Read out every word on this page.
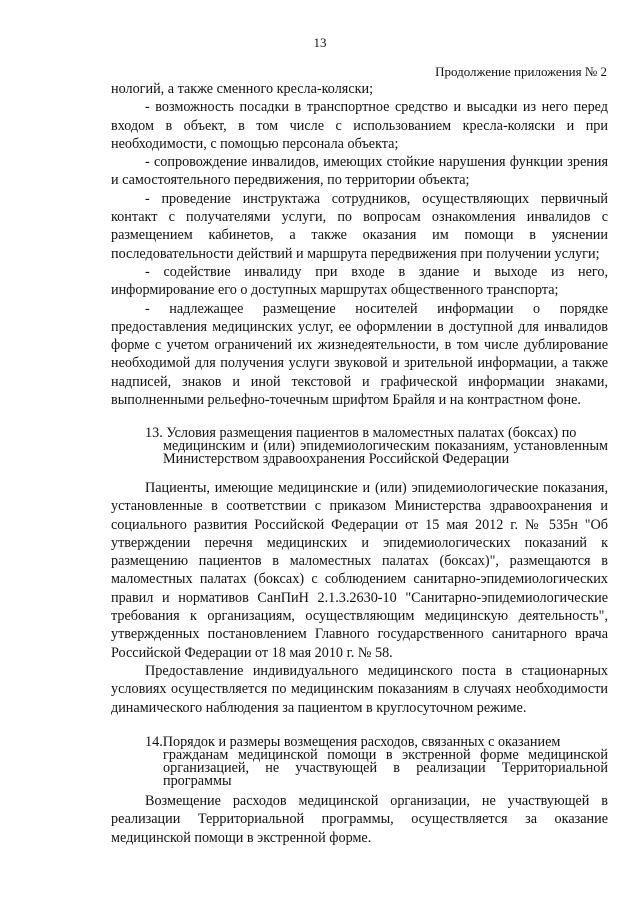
13
Продолжение приложения № 2

нологий, а также сменного кресла-коляски;

- возможность посадки в транспортное средство и высадки из него перед входом в объект, в том числе с использованием кресла-коляски и при необходимости, с помощью персонала объекта;

- сопровождение инвалидов, имеющих стойкие нарушения функции зрения и самостоятельного передвижения, по территории объекта;

- проведение инструктажа сотрудников, осуществляющих первичный контакт с получателями услуги, по вопросам ознакомления инвалидов с размещением кабинетов, а также оказания им помощи в уяснении последовательности действий и маршрута передвижения при получении услуги;

- содействие инвалиду при входе в здание и выходе из него, информирование его о доступных маршрутах общественного транспорта;

- надлежащее размещение носителей информации о порядке предоставления медицинских услуг, ее оформлении в доступной для инвалидов форме с учетом ограничений их жизнедеятельности, в том числе дублирование необходимой для получения услуги звуковой и зрительной информации, а также надписей, знаков и иной текстовой и графической информации знаками, выполненными рельефно-точечным шрифтом Брайля и на контрастном фоне.

13. Условия размещения пациентов в маломестных палатах (боксах) по
медицинским и (или) эпидемиологическим показаниям, установленным Министерством здравоохранения Российской Федерации

Пациенты, имеющие медицинские и (или) эпидемиологические показания, установленные в соответствии с приказом Министерства здравоохранения и социального развития Российской Федерации от 15 мая 2012 г. № 535н "Об утверждении перечня медицинских и эпидемиологических показаний к размещению пациентов в маломестных палатах (боксах)", размещаются в маломестных палатах (боксах) с соблюдением санитарно-эпидемиологических правил и нормативов СанПиН 2.1.3.2630-10 "Санитарно-эпидемиологические требования к организациям, осуществляющим медицинскую деятельность", утвержденных постановлением Главного государственного санитарного врача Российской Федерации от 18 мая 2010 г. № 58.

Предоставление индивидуального медицинского поста в стационарных условиях осуществляется по медицинским показаниям в случаях необходимости динамического наблюдения за пациентом в круглосуточном режиме.

14.Порядок и размеры возмещения расходов, связанных с оказанием
гражданам медицинской помощи в экстренной форме медицинской организацией, не участвующей в реализации Территориальной программы

Возмещение расходов медицинской организации, не участвующей в реализации Территориальной программы, осуществляется за оказание медицинской помощи в экстренной форме.
